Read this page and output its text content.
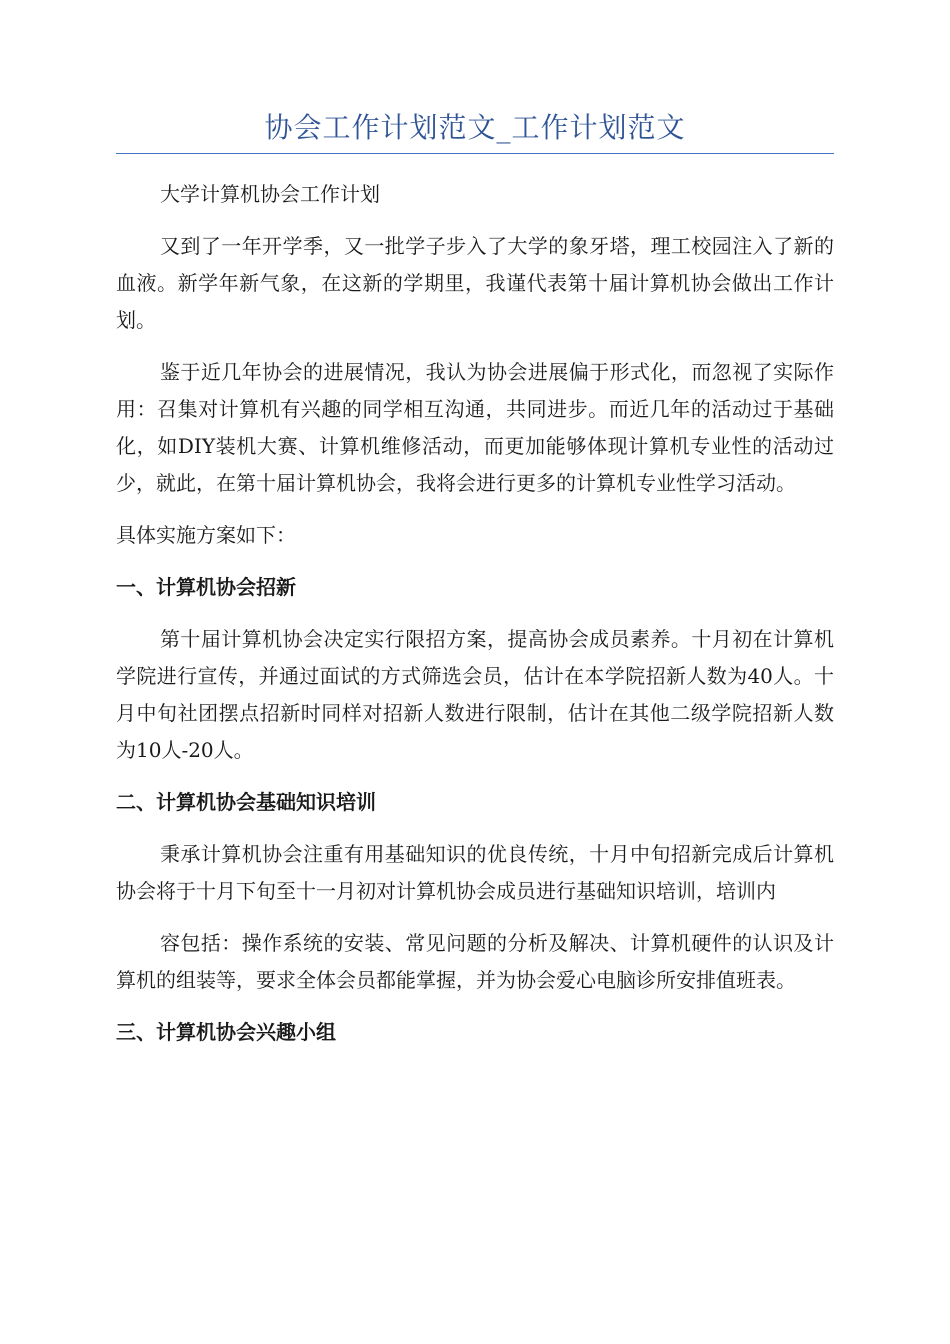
协会工作计划范文_工作计划范文

大学计算机协会工作计划

又到了一年开学季，又一批学子步入了大学的象牙塔，理工校园注入了新的血液。新学年新气象，在这新的学期里，我谨代表第十届计算机协会做出工作计划。

鉴于近几年协会的进展情况，我认为协会进展偏于形式化，而忽视了实际作用：召集对计算机有兴趣的同学相互沟通，共同进步。而近几年的活动过于基础化，如DIY装机大赛、计算机维修活动，而更加能够体现计算机专业性的活动过少，就此，在第十届计算机协会，我将会进行更多的计算机专业性学习活动。

具体实施方案如下：

一、计算机协会招新

第十届计算机协会决定实行限招方案，提高协会成员素养。十月初在计算机学院进行宣传，并通过面试的方式筛选会员，估计在本学院招新人数为40人。十月中旬社团摆点招新时同样对招新人数进行限制，估计在其他二级学院招新人数为10人-20人。

二、计算机协会基础知识培训

秉承计算机协会注重有用基础知识的优良传统，十月中旬招新完成后计算机协会将于十月下旬至十一月初对计算机协会成员进行基础知识培训，培训内

容包括：操作系统的安装、常见问题的分析及解决、计算机硬件的认识及计算机的组装等，要求全体会员都能掌握，并为协会爱心电脑诊所安排值班表。

三、计算机协会兴趣小组
